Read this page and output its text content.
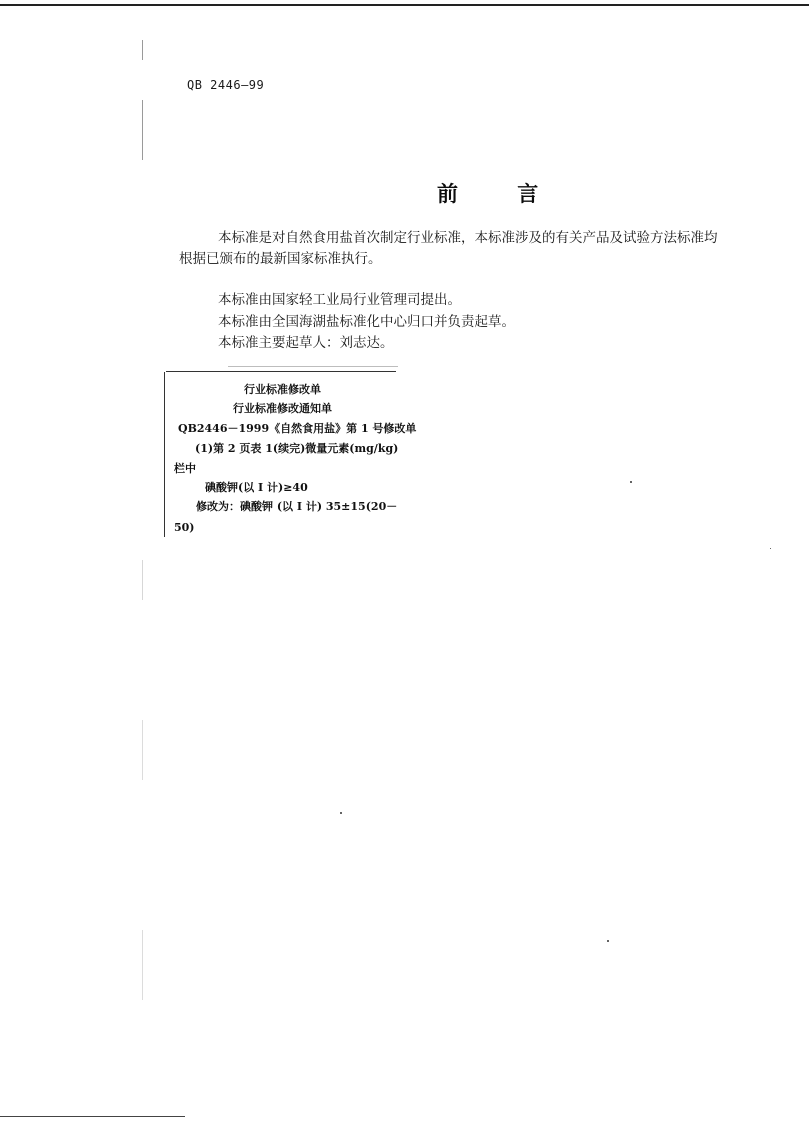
QB 2446—99
前 言
本标准是对自然食用盐首次制定行业标准，本标准涉及的有关产品及试验方法标准均
根据已颁布的最新国家标准执行。
本标准由国家轻工业局行业管理司提出。
本标准由全国海湖盐标准化中心归口并负责起草。
本标准主要起草人：刘志达。
行业标准修改单
行业标准修改通知单
QB2446－1999《自然食用盐》第 1 号修改单
(1)第 2 页表 1(续完)微量元素(mg/kg)
栏中
碘酸钾(以 I 计)≥40
修改为：碘酸钾 (以 I 计) 35±15(20－
50)
